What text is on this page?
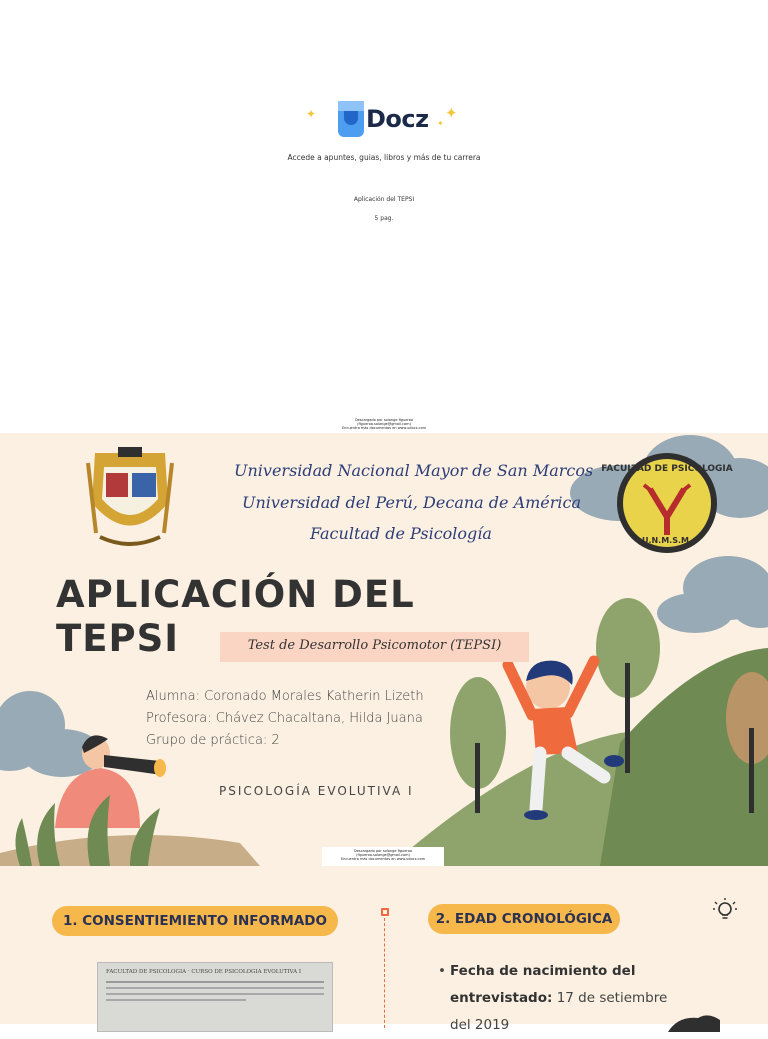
✦ Docz ✦
✦
Accede a apuntes, guias, libros y más de tu carrera
Aplicación del TEPSI
5 pag.
Descargado por solange figueroa
(figueroa.solange@gmail.com)
Encuentra más documentos en www.udocz.com
FACULTAD DE PSICOLOGIA
U.N.M.S.M.
Universidad Nacional Mayor de San Marcos
Universidad del Perú, Decana de América
Facultad de Psicología
APLICACIÓN DEL
TEPSI	Test de Desarrollo Psicomotor (TEPSI)
Alumna: Coronado Morales Katherin Lizeth
Profesora: Chávez Chacaltana, Hilda Juana
Grupo de práctica: 2
PSICOLOGÍA EVOLUTIVA I
Descargado por solange figueroa
(figueroa.solange@gmail.com)
Encuentra más documentos en www.udocz.com
1. CONSENTIEMIENTO INFORMADO	2. EDAD CRONOLÓGICA
FACULTAD DE PSICOLOGIA · CURSO DE PSICOLOGIA EVOLUTIVA I	• Fecha de nacimiento del entrevistado: 17 de setiembre del 2019
